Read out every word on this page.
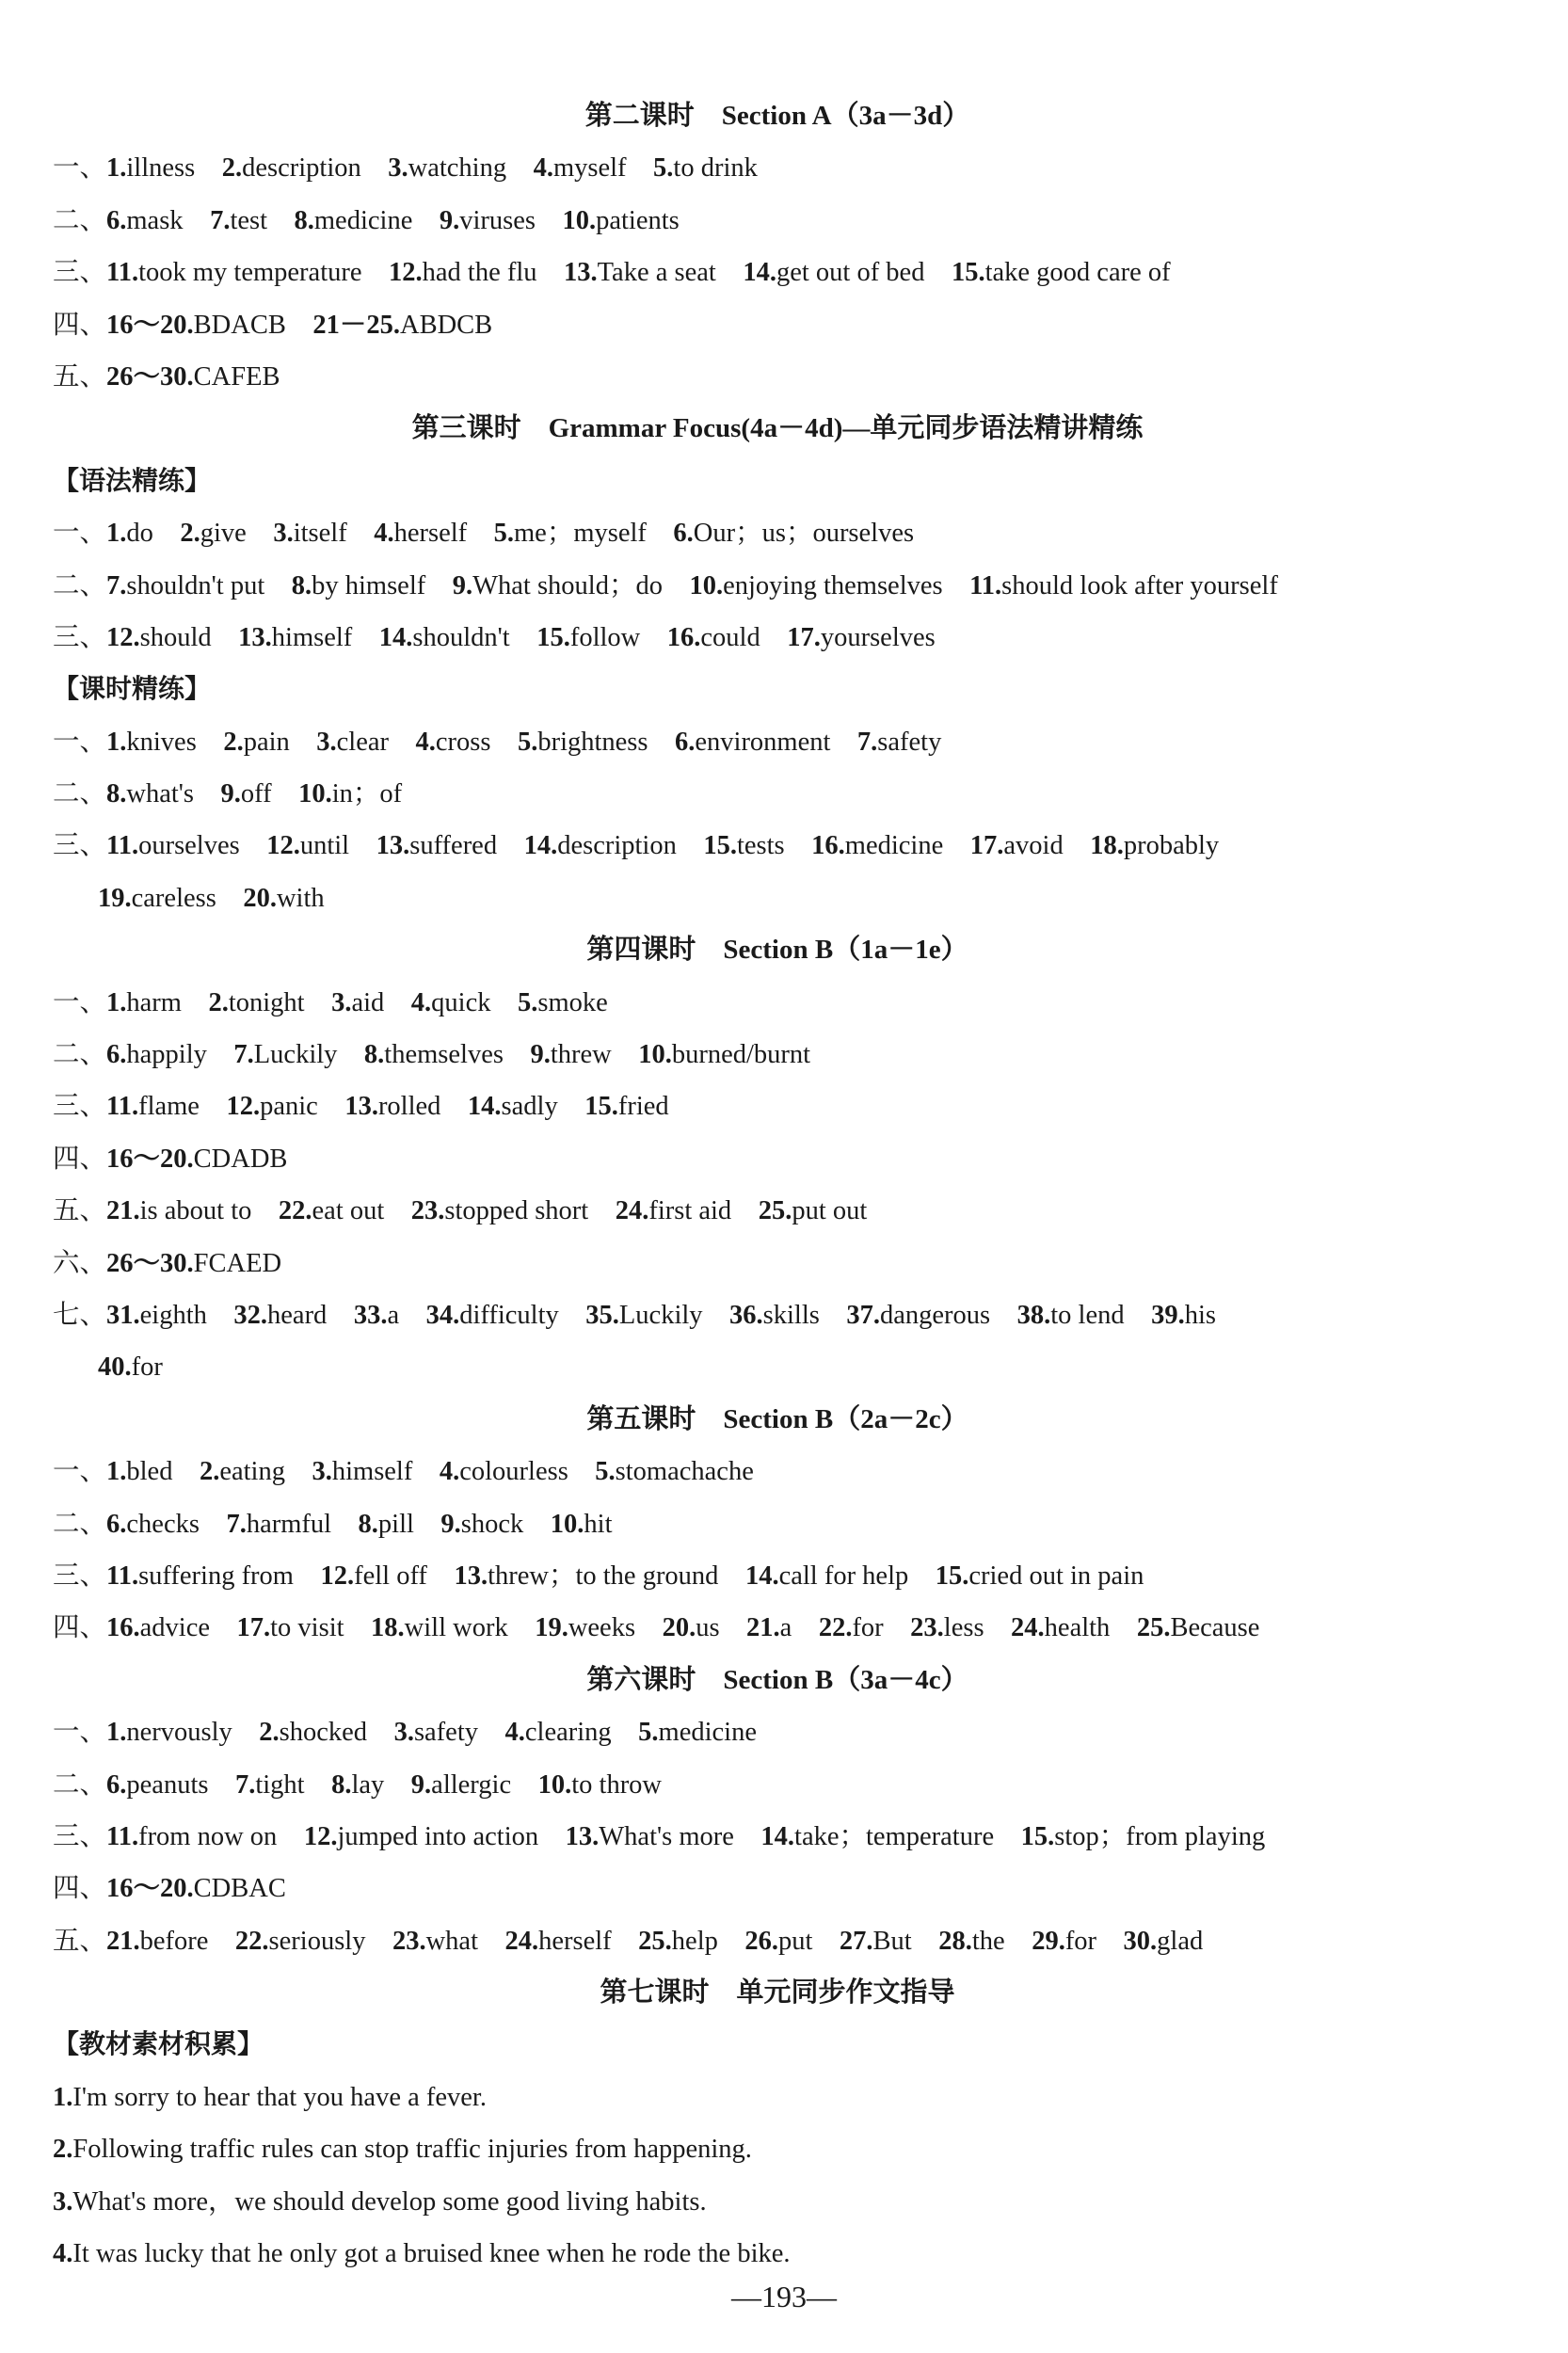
第二课时    Section A（3a－3d）
一、1.illness    2.description    3.watching    4.myself    5.to drink
二、6.mask    7.test    8.medicine    9.viruses    10.patients
三、11.took my temperature    12.had the flu    13.Take a seat    14.get out of bed    15.take good care of
四、16～20.BDACB    21－25.ABDCB
五、26～30.CAFEB
第三课时    Grammar Focus(4a－4d)—单元同步语法精讲精练
【语法精练】
一、1.do    2.give    3.itself    4.herself    5.me；myself    6.Our；us；ourselves
二、7.shouldn't put    8.by himself    9.What should；do    10.enjoying themselves    11.should look after yourself
三、12.should    13.himself    14.shouldn't    15.follow    16.could    17.yourselves
【课时精练】
一、1.knives    2.pain    3.clear    4.cross    5.brightness    6.environment    7.safety
二、8.what's    9.off    10.in；of
三、11.ourselves    12.until    13.suffered    14.description    15.tests    16.medicine    17.avoid    18.probably
19.careless    20.with
第四课时    Section B（1a－1e）
一、1.harm    2.tonight    3.aid    4.quick    5.smoke
二、6.happily    7.Luckily    8.themselves    9.threw    10.burned/burnt
三、11.flame    12.panic    13.rolled    14.sadly    15.fried
四、16～20.CDADB
五、21.is about to    22.eat out    23.stopped short    24.first aid    25.put out
六、26～30.FCAED
七、31.eighth    32.heard    33.a    34.difficulty    35.Luckily    36.skills    37.dangerous    38.to lend    39.his
40.for
第五课时    Section B（2a－2c）
一、1.bled    2.eating    3.himself    4.colourless    5.stomachache
二、6.checks    7.harmful    8.pill    9.shock    10.hit
三、11.suffering from    12.fell off    13.threw；to the ground    14.call for help    15.cried out in pain
四、16.advice    17.to visit    18.will work    19.weeks    20.us    21.a    22.for    23.less    24.health    25.Because
第六课时    Section B（3a－4c）
一、1.nervously    2.shocked    3.safety    4.clearing    5.medicine
二、6.peanuts    7.tight    8.lay    9.allergic    10.to throw
三、11.from now on    12.jumped into action    13.What's more    14.take；temperature    15.stop；from playing
四、16～20.CDBAC
五、21.before    22.seriously    23.what    24.herself    25.help    26.put    27.But    28.the    29.for    30.glad
第七课时    单元同步作文指导
【教材素材积累】
1.I'm sorry to hear that you have a fever.
2.Following traffic rules can stop traffic injuries from happening.
3.What's more，we should develop some good living habits.
4.It was lucky that he only got a bruised knee when he rode the bike.
—193—
